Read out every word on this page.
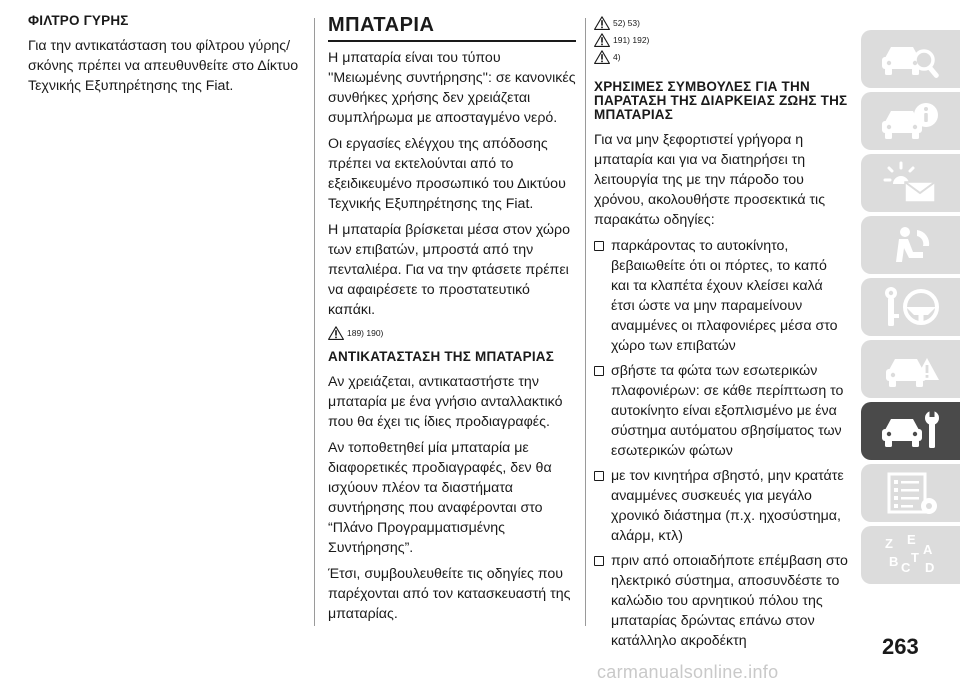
ΦΙΛΤΡΟ ΓΥΡΗΣ
Για την αντικατάσταση του φίλτρου γύρης/σκόνης πρέπει να απευθυνθείτε στο Δίκτυο Τεχνικής Εξυπηρέτησης της Fiat.
ΜΠΑΤΑΡΙΑ
Η μπαταρία είναι του τύπου ''Μειωμένης συντήρησης'': σε κανονικές συνθήκες χρήσης δεν χρειάζεται συμπλήρωμα με αποσταγμένο νερό.
Οι εργασίες ελέγχου της απόδοσης πρέπει να εκτελούνται από το εξειδικευμένο προσωπικό του Δικτύου Τεχνικής Εξυπηρέτησης της Fiat.
Η μπαταρία βρίσκεται μέσα στον χώρο των επιβατών, μπροστά από την πενταλιέρα. Για να την φτάσετε πρέπει να αφαιρέσετε το προστατευτικό καπάκι.
189) 190)
ΑΝΤΙΚΑΤΑΣΤΑΣΗ ΤΗΣ ΜΠΑΤΑΡΙΑΣ
Αν χρειάζεται, αντικαταστήστε την μπαταρία με ένα γνήσιο ανταλλακτικό που θα έχει τις ίδιες προδιαγραφές.
Αν τοποθετηθεί μία μπαταρία με διαφορετικές προδιαγραφές, δεν θα ισχύουν πλέον τα διαστήματα συντήρησης που αναφέρονται στο “Πλάνο Προγραμματισμένης Συντήρησης”.
Έτσι, συμβουλευθείτε τις οδηγίες που παρέχονται από τον κατασκευαστή της μπαταρίας.
52) 53)
191) 192)
4)
ΧΡΗΣΙΜΕΣ ΣΥΜΒΟΥΛΕΣ ΓΙΑ ΤΗΝ ΠΑΡΑΤΑΣΗ ΤΗΣ ΔΙΑΡΚΕΙΑΣ ΖΩΗΣ ΤΗΣ ΜΠΑΤΑΡΙΑΣ
Για να μην ξεφορτιστεί γρήγορα η μπαταρία και για να διατηρήσει τη λειτουργία της με την πάροδο του χρόνου, ακολουθήστε προσεκτικά τις παρακάτω οδηγίες:
παρκάροντας το αυτοκίνητο, βεβαιωθείτε ότι οι πόρτες, το καπό και τα κλαπέτα έχουν κλείσει καλά έτσι ώστε να μην παραμείνουν αναμμένες οι πλαφονιέρες μέσα στο χώρο των επιβατών
σβήστε τα φώτα των εσωτερικών πλαφονιέρων: σε κάθε περίπτωση το αυτοκίνητο είναι εξοπλισμένο με ένα σύστημα αυτόματου σβησίματος των εσωτερικών φώτων
με τον κινητήρα σβηστό, μην κρατάτε αναμμένες συσκευές για μεγάλο χρονικό διάστημα (π.χ. ηχοσύστημα, αλάρμ, κτλ)
πριν από οποιαδήποτε επέμβαση στο ηλεκτρικό σύστημα, αποσυνδέστε το καλώδιο του αρνητικού πόλου της μπαταρίας δρώντας επάνω στον κατάλληλο ακροδέκτη
Z E
A
B C
T
D
263
carmanualsonline.info
